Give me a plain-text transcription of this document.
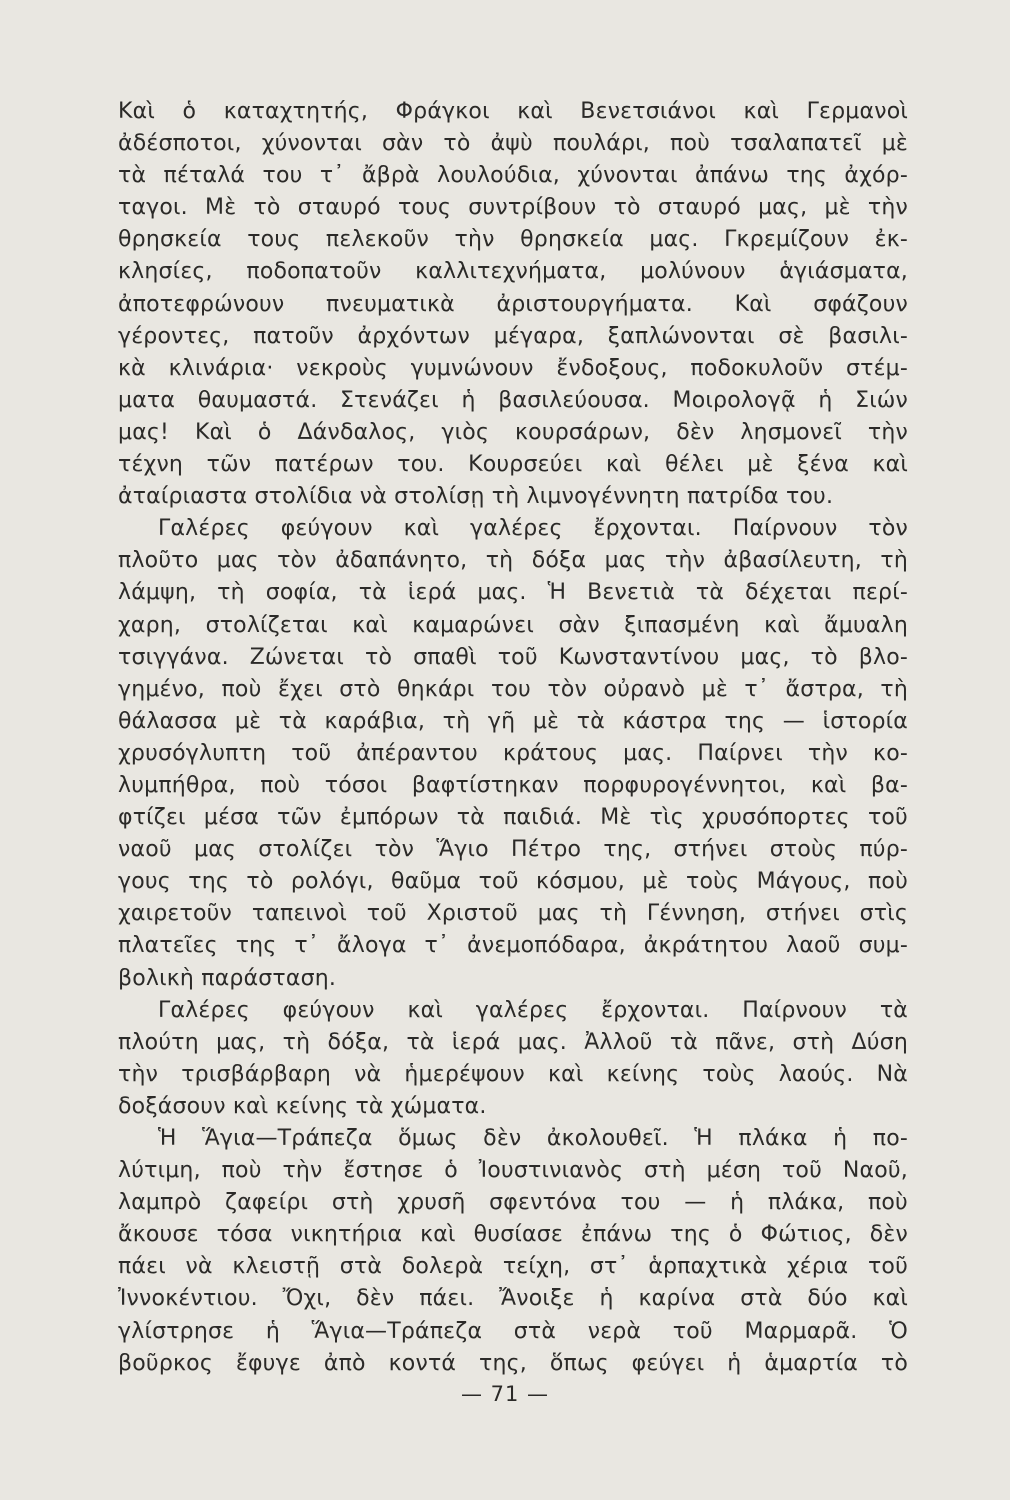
Καὶ ὁ καταχτητής, Φράγκοι καὶ Βενετσιάνοι καὶ Γερμανοὶ
ἀδέσποτοι, χύνονται σὰν τὸ ἀψὺ πουλάρι, ποὺ τσαλαπατεῖ μὲ
τὰ πέταλά του τ᾿ ἄβρὰ λουλούδια, χύνονται ἀπάνω της ἀχόρ-
ταγοι. Μὲ τὸ σταυρό τους συντρίβουν τὸ σταυρό μας, μὲ τὴν
θρησκεία τους πελεκοῦν τὴν θρησκεία μας. Γκρεμίζουν ἐκ-
κλησίες, ποδοπατοῦν καλλιτεχνήματα, μολύνουν ἁγιάσματα,
ἀποτεφρώνουν πνευματικὰ ἀριστουργήματα. Καὶ σφάζουν
γέροντες, πατοῦν ἀρχόντων μέγαρα, ξαπλώνονται σὲ βασιλι-
κὰ κλινάρια· νεκροὺς γυμνώνουν ἔνδοξους, ποδοκυλοῦν στέμ-
ματα θαυμαστά. Στενάζει ἡ βασιλεύουσα. Μοιρολογᾷ ἡ Σιών
μας! Καὶ ὁ Δάνδαλος, γιὸς κουρσάρων, δὲν λησμονεῖ τὴν
τέχνη τῶν πατέρων του. Κουρσεύει καὶ θέλει μὲ ξένα καὶ
ἀταίριαστα στολίδια νὰ στολίσῃ τὴ λιμνογέννητη πατρίδα του.
Γαλέρες φεύγουν καὶ γαλέρες ἔρχονται. Παίρνουν τὸν
πλοῦτο μας τὸν ἀδαπάνητο, τὴ δόξα μας τὴν ἀβασίλευτη, τὴ
λάμψη, τὴ σοφία, τὰ ἱερά μας. Ἡ Βενετιὰ τὰ δέχεται περί-
χαρη, στολίζεται καὶ καμαρώνει σὰν ξιπασμένη καὶ ἄμυαλη
τσιγγάνα. Ζώνεται τὸ σπαθὶ τοῦ Κωνσταντίνου μας, τὸ βλο-
γημένο, ποὺ ἔχει στὸ θηκάρι του τὸν οὐρανὸ μὲ τ᾿ ἄστρα, τὴ
θάλασσα μὲ τὰ καράβια, τὴ γῆ μὲ τὰ κάστρα της — ἱστορία
χρυσόγλυπτη τοῦ ἀπέραντου κράτους μας. Παίρνει τὴν κο-
λυμπήθρα, ποὺ τόσοι βαφτίστηκαν πορφυρογέννητοι, καὶ βα-
φτίζει μέσα τῶν ἐμπόρων τὰ παιδιά. Μὲ τὶς χρυσόπορτες τοῦ
ναοῦ μας στολίζει τὸν Ἅγιο Πέτρο της, στήνει στοὺς πύρ-
γους της τὸ ρολόγι, θαῦμα τοῦ κόσμου, μὲ τοὺς Μάγους, ποὺ
χαιρετοῦν ταπεινοὶ τοῦ Χριστοῦ μας τὴ Γέννηση, στήνει στὶς
πλατεῖες της τ᾿ ἄλογα τ᾿ ἀνεμοπόδαρα, ἀκράτητου λαοῦ συμ-
βολικὴ παράσταση.
Γαλέρες φεύγουν καὶ γαλέρες ἔρχονται. Παίρνουν τὰ
πλούτη μας, τὴ δόξα, τὰ ἱερά μας. Ἀλλοῦ τὰ πᾶνε, στὴ Δύση
τὴν τρισβάρβαρη νὰ ἡμερέψουν καὶ κείνης τοὺς λαούς. Νὰ
δοξάσουν καὶ κείνης τὰ χώματα.
Ἡ Ἅγια—Τράπεζα ὅμως δὲν ἀκολουθεῖ. Ἡ πλάκα ἡ πο-
λύτιμη, ποὺ τὴν ἔστησε ὁ Ἰουστινιανὸς στὴ μέση τοῦ Ναοῦ,
λαμπρὸ ζαφείρι στὴ χρυσῆ σφεντόνα του — ἡ πλάκα, ποὺ
ἄκουσε τόσα νικητήρια καὶ θυσίασε ἐπάνω της ὁ Φώτιος, δὲν
πάει νὰ κλειστῇ στὰ δολερὰ τείχη, στ᾿ ἁρπαχτικὰ χέρια τοῦ
Ἰννοκέντιου. Ὄχι, δὲν πάει. Ἄνοιξε ἡ καρίνα στὰ δύο καὶ
γλίστρησε ἡ Ἅγια—Τράπεζα στὰ νερὰ τοῦ Μαρμαρᾶ. Ὁ
βοῦρκος ἔφυγε ἀπὸ κοντά της, ὅπως φεύγει ἡ ἁμαρτία τὸ
— 71 —
